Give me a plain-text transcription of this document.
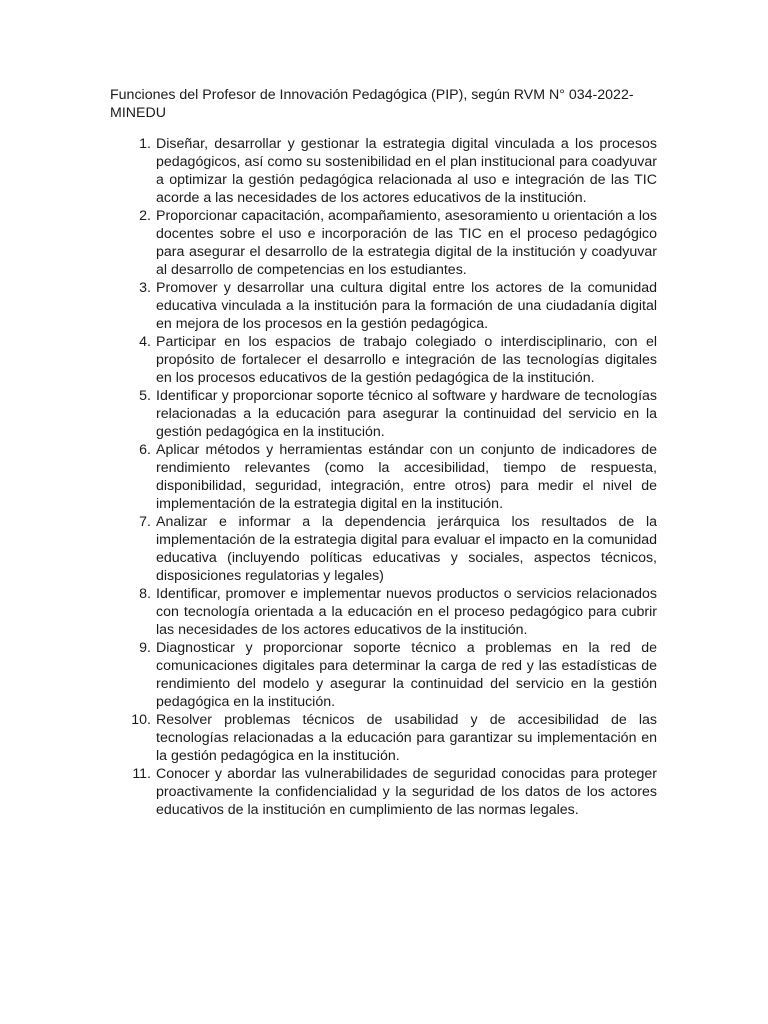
Funciones del Profesor de Innovación Pedagógica (PIP), según RVM N° 034-2022-MINEDU

1. Diseñar, desarrollar y gestionar la estrategia digital vinculada a los procesos pedagógicos, así como su sostenibilidad en el plan institucional para coadyuvar a optimizar la gestión pedagógica relacionada al uso e integración de las TIC acorde a las necesidades de los actores educativos de la institución.
2. Proporcionar capacitación, acompañamiento, asesoramiento u orientación a los docentes sobre el uso e incorporación de las TIC en el proceso pedagógico para asegurar el desarrollo de la estrategia digital de la institución y coadyuvar al desarrollo de competencias en los estudiantes.
3. Promover y desarrollar una cultura digital entre los actores de la comunidad educativa vinculada a la institución para la formación de una ciudadanía digital en mejora de los procesos en la gestión pedagógica.
4. Participar en los espacios de trabajo colegiado o interdisciplinario, con el propósito de fortalecer el desarrollo e integración de las tecnologías digitales en los procesos educativos de la gestión pedagógica de la institución.
5. Identificar y proporcionar soporte técnico al software y hardware de tecnologías relacionadas a la educación para asegurar la continuidad del servicio en la gestión pedagógica en la institución.
6. Aplicar métodos y herramientas estándar con un conjunto de indicadores de rendimiento relevantes (como la accesibilidad, tiempo de respuesta, disponibilidad, seguridad, integración, entre otros) para medir el nivel de implementación de la estrategia digital en la institución.
7. Analizar e informar a la dependencia jerárquica los resultados de la implementación de la estrategia digital para evaluar el impacto en la comunidad educativa (incluyendo políticas educativas y sociales, aspectos técnicos, disposiciones regulatorias y legales)
8. Identificar, promover e implementar nuevos productos o servicios relacionados con tecnología orientada a la educación en el proceso pedagógico para cubrir las necesidades de los actores educativos de la institución.
9. Diagnosticar y proporcionar soporte técnico a problemas en la red de comunicaciones digitales para determinar la carga de red y las estadísticas de rendimiento del modelo y asegurar la continuidad del servicio en la gestión pedagógica en la institución.
10. Resolver problemas técnicos de usabilidad y de accesibilidad de las tecnologías relacionadas a la educación para garantizar su implementación en la gestión pedagógica en la institución.
11. Conocer y abordar las vulnerabilidades de seguridad conocidas para proteger proactivamente la confidencialidad y la seguridad de los datos de los actores educativos de la institución en cumplimiento de las normas legales.
